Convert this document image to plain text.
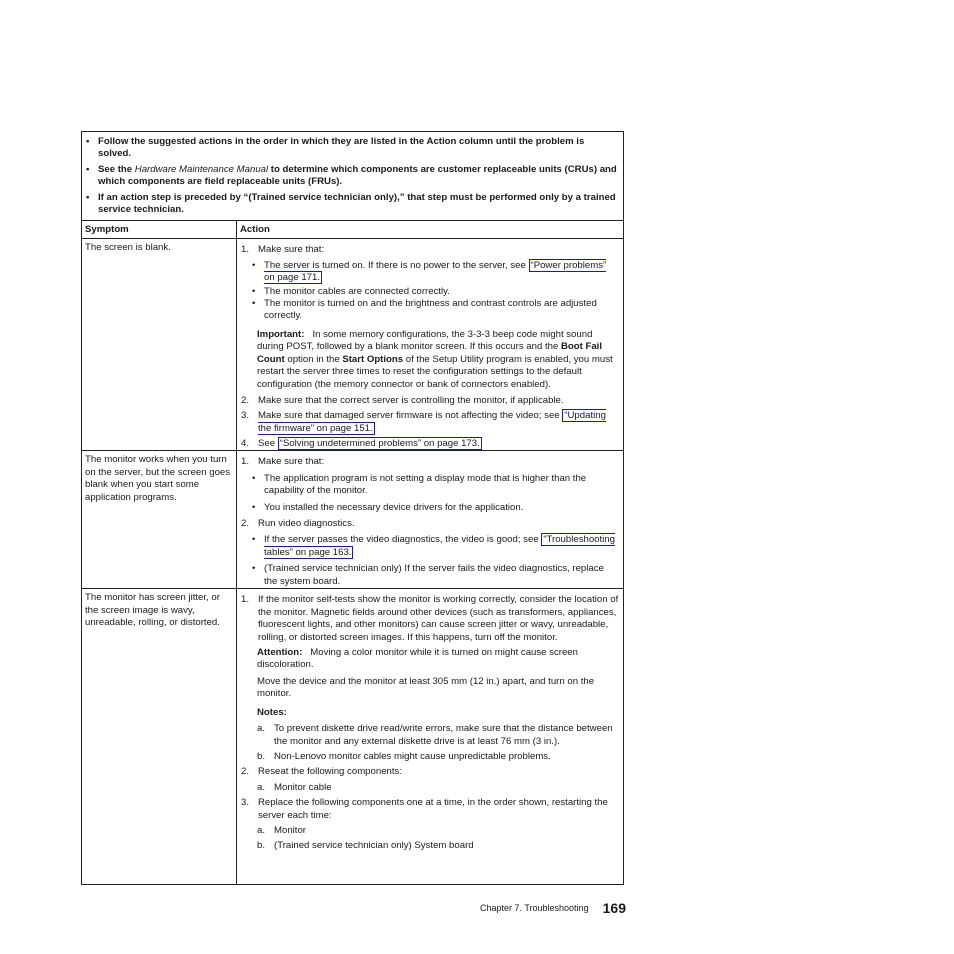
• Follow the suggested actions in the order in which they are listed in the Action column until the problem is solved.
• See the Hardware Maintenance Manual to determine which components are customer replaceable units (CRUs) and which components are field replaceable units (FRUs).
• If an action step is preceded by “(Trained service technician only),” that step must be performed only by a trained service technician.
Symptom	Action
The screen is blank.	1. Make sure that:
• The server is turned on. If there is no power to the server, see “Power problems” on page 171.
• The monitor cables are connected correctly.
• The monitor is turned on and the brightness and contrast controls are adjusted correctly.
Important: In some memory configurations, the 3-3-3 beep code might sound during POST, followed by a blank monitor screen. If this occurs and the Boot Fail Count option in the Start Options of the Setup Utility program is enabled, you must restart the server three times to reset the configuration settings to the default configuration (the memory connector or bank of connectors enabled).
2. Make sure that the correct server is controlling the monitor, if applicable.
3. Make sure that damaged server firmware is not affecting the video; see “Updating the firmware” on page 151.
4. See “Solving undetermined problems” on page 173.
The monitor works when you turn on the server, but the screen goes blank when you start some application programs.
1. Make sure that:
• The application program is not setting a display mode that is higher than the capability of the monitor.
• You installed the necessary device drivers for the application.
2. Run video diagnostics.
• If the server passes the video diagnostics, the video is good; see “Troubleshooting tables” on page 163.
• (Trained service technician only) If the server fails the video diagnostics, replace the system board.
The monitor has screen jitter, or the screen image is wavy, unreadable, rolling, or distorted.
1. If the monitor self-tests show the monitor is working correctly, consider the location of the monitor. Magnetic fields around other devices (such as transformers, appliances, fluorescent lights, and other monitors) can cause screen jitter or wavy, unreadable, rolling, or distorted screen images. If this happens, turn off the monitor.
Attention: Moving a color monitor while it is turned on might cause screen discoloration.
Move the device and the monitor at least 305 mm (12 in.) apart, and turn on the monitor.
Notes:
a. To prevent diskette drive read/write errors, make sure that the distance between the monitor and any external diskette drive is at least 76 mm (3 in.).
b. Non-Lenovo monitor cables might cause unpredictable problems.
2. Reseat the following components:
a. Monitor cable
3. Replace the following components one at a time, in the order shown, restarting the server each time:
a. Monitor
b. (Trained service technician only) System board
Chapter 7. Troubleshooting 169
